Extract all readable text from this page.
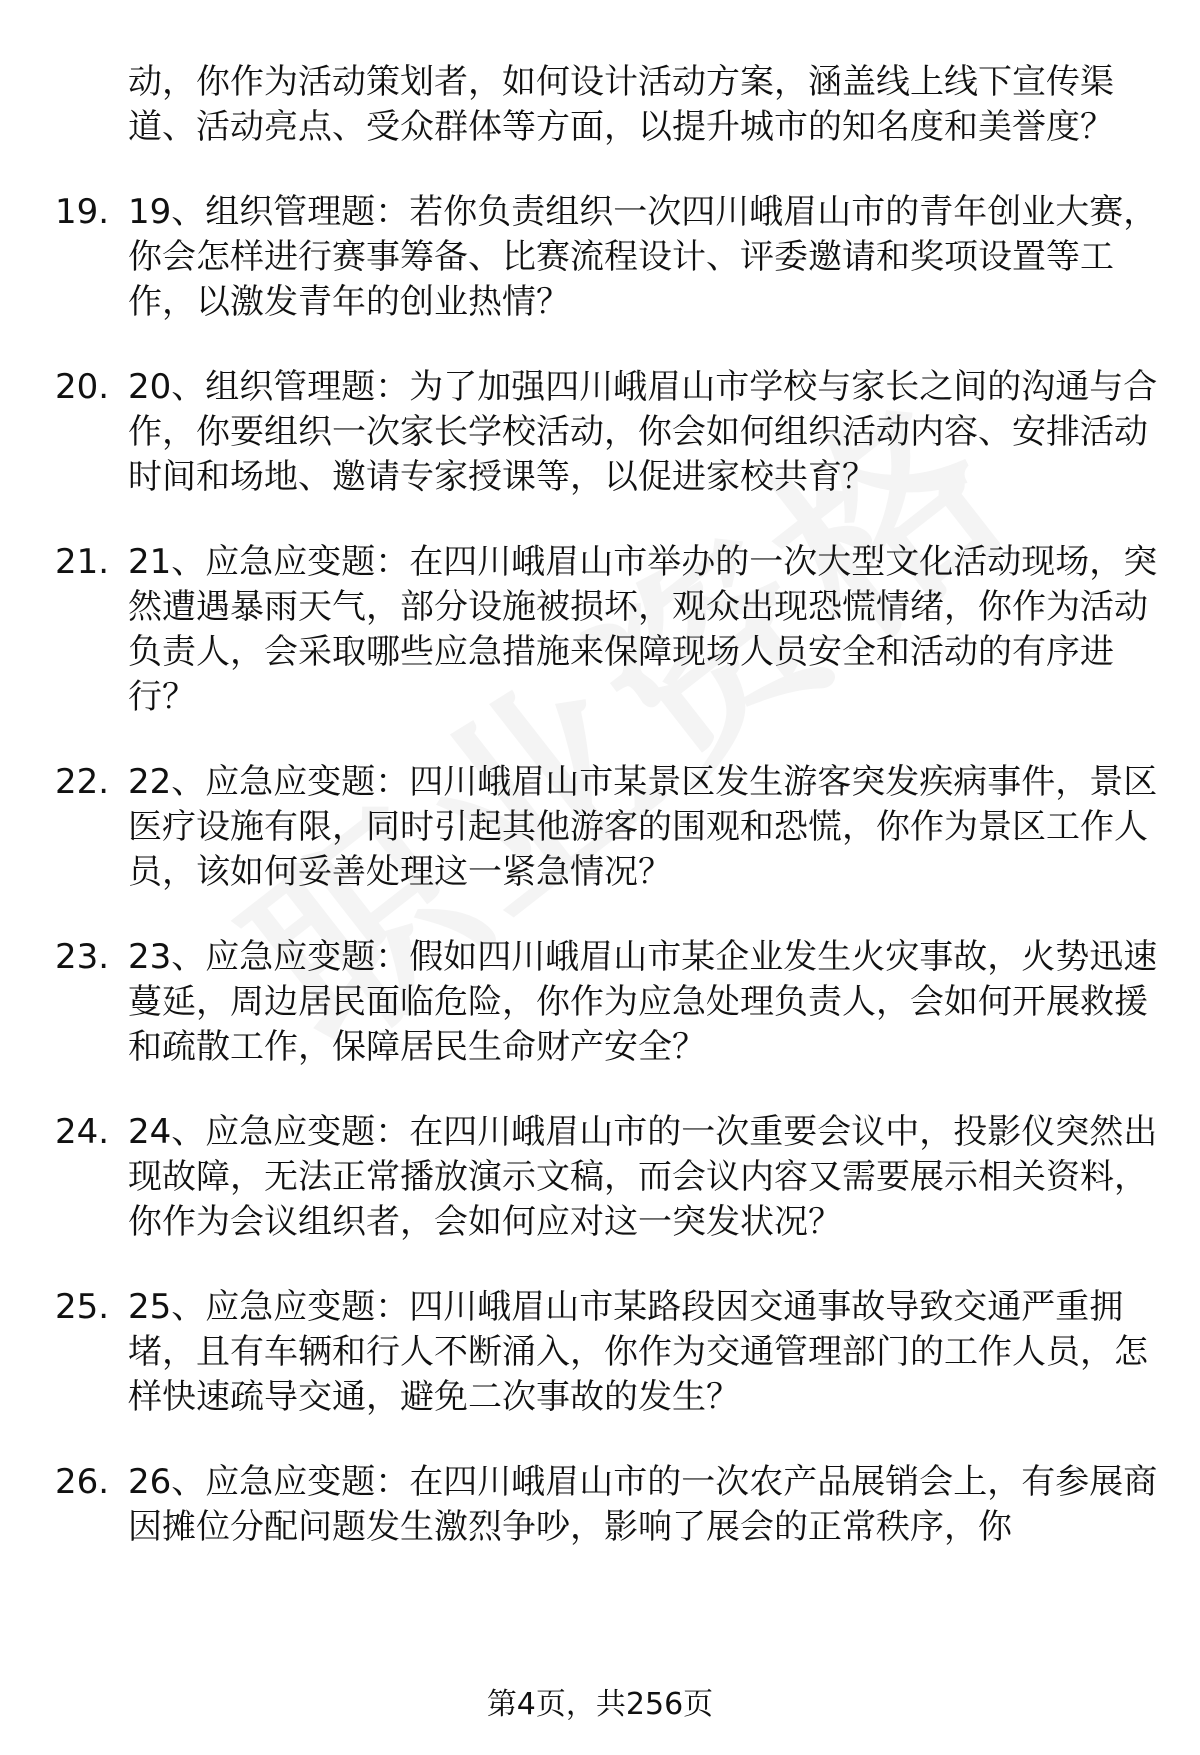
动，你作为活动策划者，如何设计活动方案，涵盖线上线下宣传渠道、活动亮点、受众群体等方面，以提升城市的知名度和美誉度？
19. 19、组织管理题：若你负责组织一次四川峨眉山市的青年创业大赛，你会怎样进行赛事筹备、比赛流程设计、评委邀请和奖项设置等工作，以激发青年的创业热情？
20. 20、组织管理题：为了加强四川峨眉山市学校与家长之间的沟通与合作，你要组织一次家长学校活动，你会如何组织活动内容、安排活动时间和场地、邀请专家授课等，以促进家校共育？
21. 21、应急应变题：在四川峨眉山市举办的一次大型文化活动现场，突然遭遇暴雨天气，部分设施被损坏，观众出现恐慌情绪，你作为活动负责人，会采取哪些应急措施来保障现场人员安全和活动的有序进行？
22. 22、应急应变题：四川峨眉山市某景区发生游客突发疾病事件，景区医疗设施有限，同时引起其他游客的围观和恐慌，你作为景区工作人员，该如何妥善处理这一紧急情况？
23. 23、应急应变题：假如四川峨眉山市某企业发生火灾事故，火势迅速蔓延，周边居民面临危险，你作为应急处理负责人，会如何开展救援和疏散工作，保障居民生命财产安全？
24. 24、应急应变题：在四川峨眉山市的一次重要会议中，投影仪突然出现故障，无法正常播放演示文稿，而会议内容又需要展示相关资料，你作为会议组织者，会如何应对这一突发状况？
25. 25、应急应变题：四川峨眉山市某路段因交通事故导致交通严重拥堵，且有车辆和行人不断涌入，你作为交通管理部门的工作人员，怎样快速疏导交通，避免二次事故的发生？
26. 26、应急应变题：在四川峨眉山市的一次农产品展销会上，有参展商因摊位分配问题发生激烈争吵，影响了展会的正常秩序，你
第4页，共256页
